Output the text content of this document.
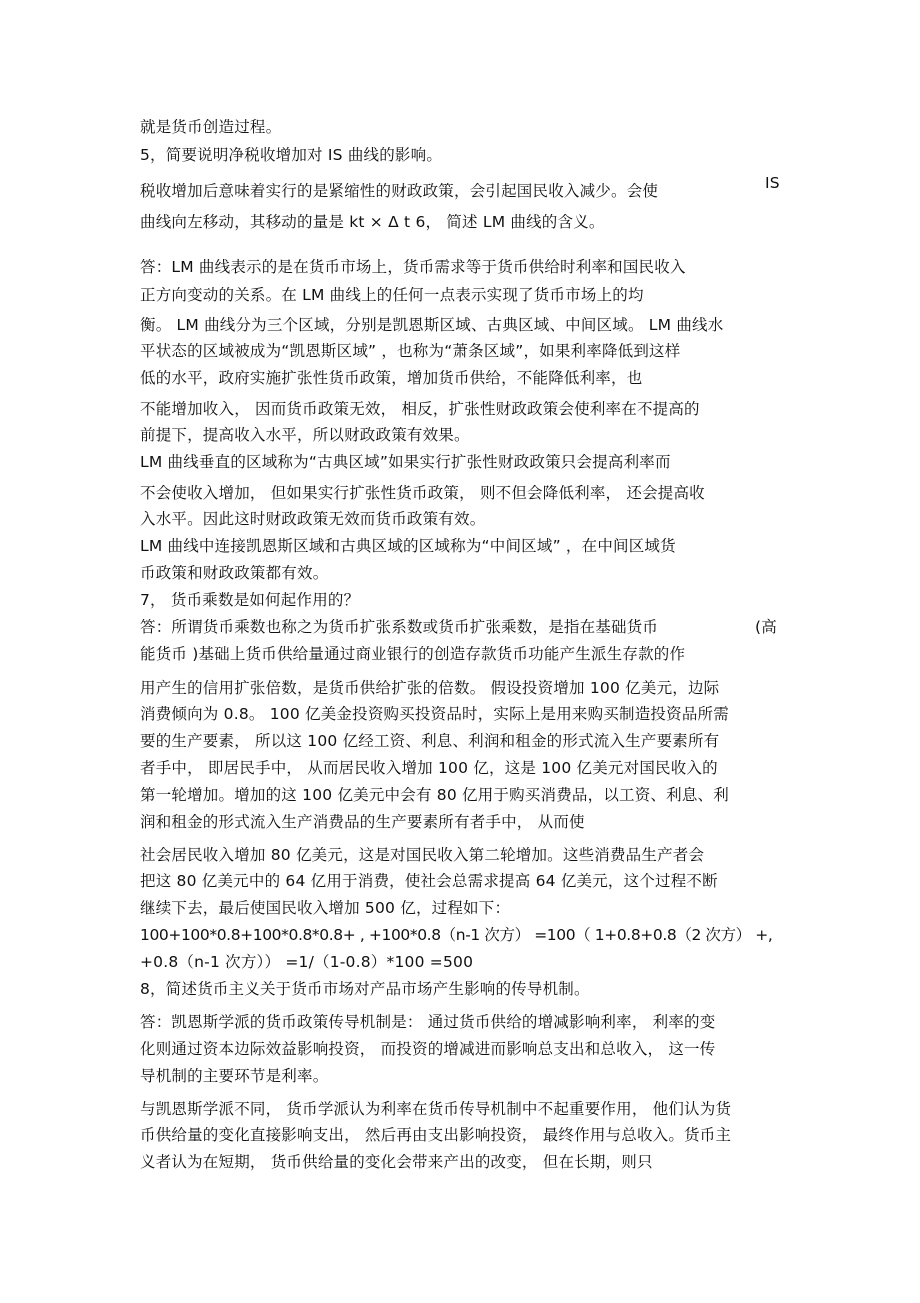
就是货币创造过程。
5，简要说明净税收增加对 IS 曲线的影响。
IS
税收增加后意味着实行的是紧缩性的财政政策，会引起国民收入减少。会使
曲线向左移动，其移动的量是 kt × Δ t 6， 简述 LM 曲线的含义。
答：LM 曲线表示的是在货币市场上，货币需求等于货币供给时利率和国民收入
正方向变动的关系。在 LM 曲线上的任何一点表示实现了货币市场上的均
衡。 LM 曲线分为三个区域，分别是凯恩斯区域、古典区域、中间区域。 LM 曲线水
平状态的区域被成为“凯恩斯区域” ，也称为“萧条区域”，如果利率降低到这样
低的水平，政府实施扩张性货币政策，增加货币供给，不能降低利率，也
不能增加收入， 因而货币政策无效， 相反，扩张性财政政策会使利率在不提高的
前提下，提高收入水平，所以财政政策有效果。
LM 曲线垂直的区域称为“古典区域”如果实行扩张性财政政策只会提高利率而
不会使收入增加， 但如果实行扩张性货币政策， 则不但会降低利率， 还会提高收
入水平。因此这时财政政策无效而货币政策有效。
LM 曲线中连接凯恩斯区域和古典区域的区域称为“中间区域” ，在中间区域货
币政策和财政政策都有效。
7， 货币乘数是如何起作用的？
答：所谓货币乘数也称之为货币扩张系数或货币扩张乘数，是指在基础货币	(高
能货币 )基础上货币供给量通过商业银行的创造存款货币功能产生派生存款的作
用产生的信用扩张倍数，是货币供给扩张的倍数。 假设投资增加 100 亿美元，边际
消费倾向为 0.8。 100 亿美金投资购买投资品时，实际上是用来购买制造投资品所需
要的生产要素， 所以这 100 亿经工资、利息、利润和租金的形式流入生产要素所有
者手中， 即居民手中， 从而居民收入增加 100 亿，这是 100 亿美元对国民收入的
第一轮增加。增加的这 100 亿美元中会有 80 亿用于购买消费品，以工资、利息、利
润和租金的形式流入生产消费品的生产要素所有者手中， 从而使
社会居民收入增加 80 亿美元，这是对国民收入第二轮增加。这些消费品生产者会
把这 80 亿美元中的 64 亿用于消费，使社会总需求提高 64 亿美元，这个过程不断
继续下去，最后使国民收入增加 500 亿，过程如下：
100+100*0.8+100*0.8*0.8+ , +100*0.8（n-1 次方） =100（ 1+0.8+0.8（2 次方） +,
+0.8（n-1 次方）） =1/（1-0.8）*100 =500
8，简述货币主义关于货币市场对产品市场产生影响的传导机制。
答：凯恩斯学派的货币政策传导机制是： 通过货币供给的增减影响利率， 利率的变
化则通过资本边际效益影响投资， 而投资的增减进而影响总支出和总收入， 这一传
导机制的主要环节是利率。
与凯恩斯学派不同， 货币学派认为利率在货币传导机制中不起重要作用， 他们认为货
币供给量的变化直接影响支出， 然后再由支出影响投资， 最终作用与总收入。货币主
义者认为在短期， 货币供给量的变化会带来产出的改变， 但在长期，则只
